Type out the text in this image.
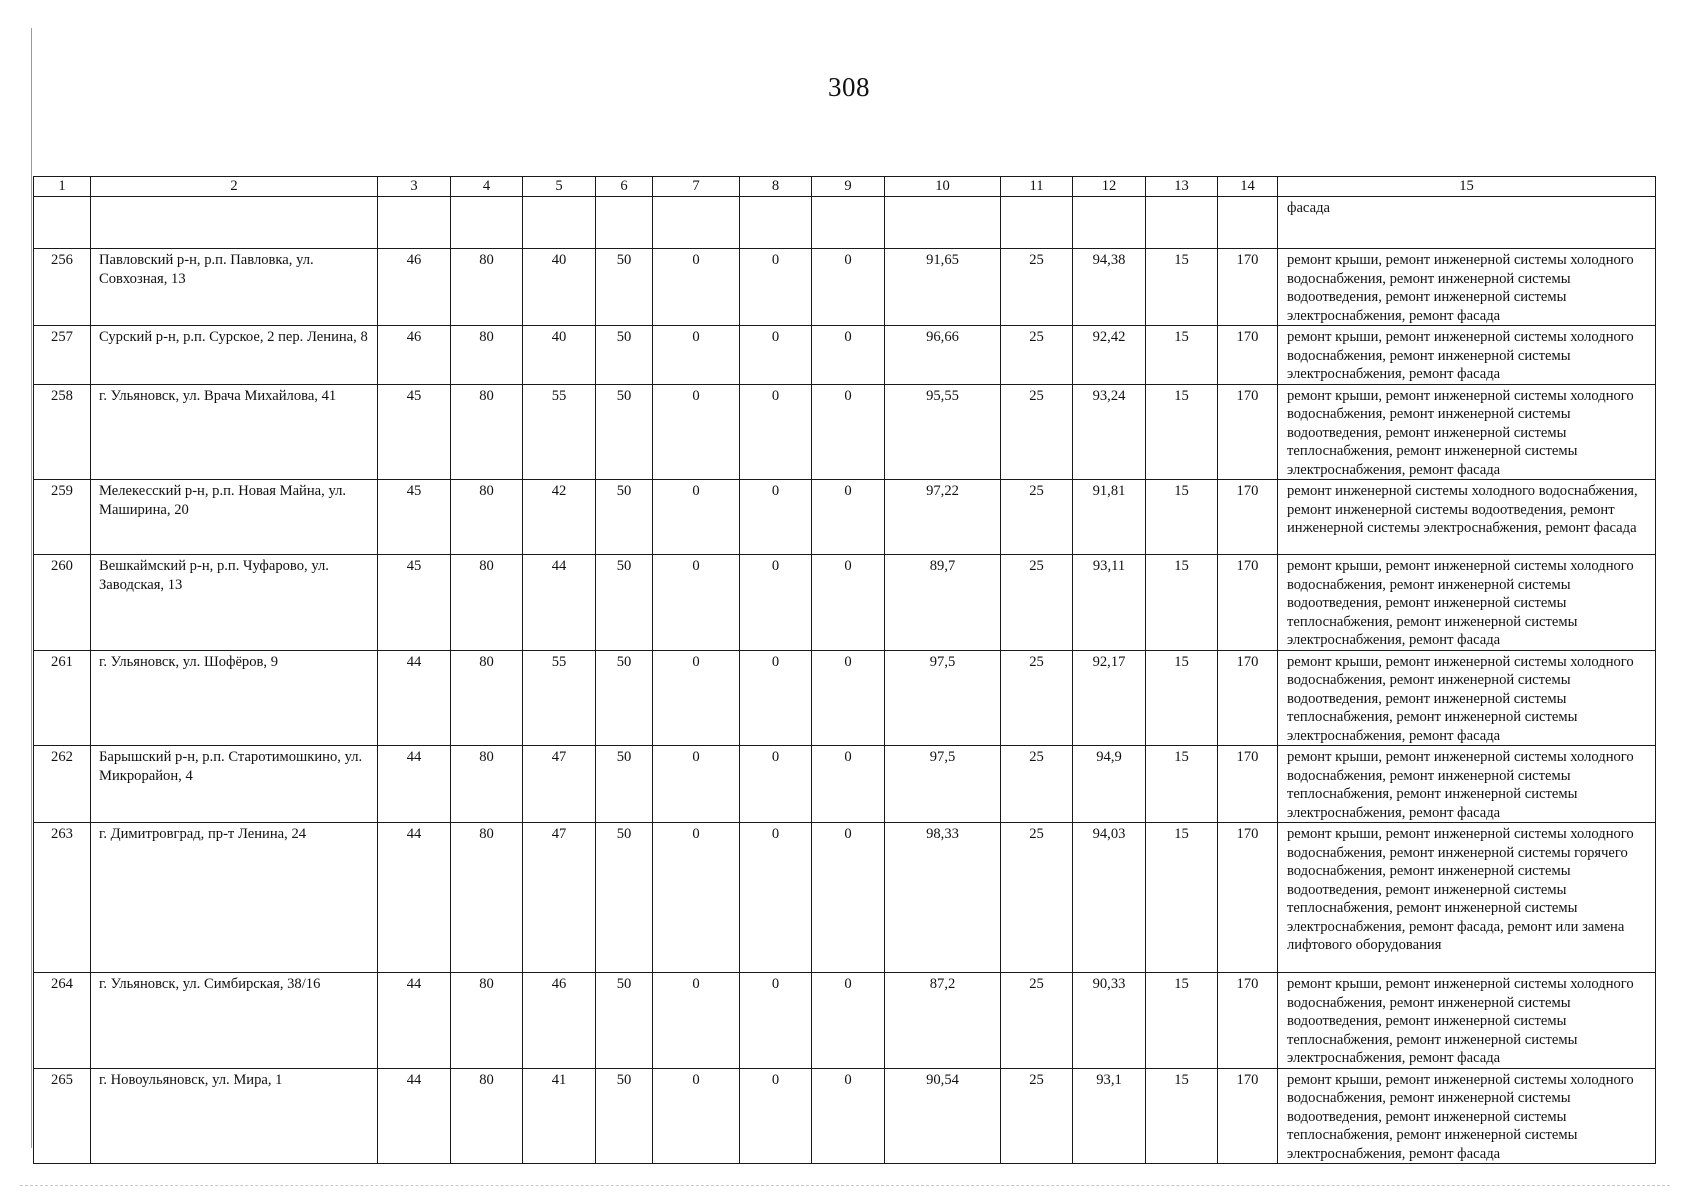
308
1	2	3	4	5	6	7	8	9	10	11	12	13	14	15
														фасада
256	Павловский р-н, р.п. Павловка, ул. Совхозная, 13	46	80	40	50	0	0	0	91,65	25	94,38	15	170	ремонт крыши, ремонт инженерной системы холодного водоснабжения, ремонт инженерной системы водоотведения, ремонт инженерной системы электроснабжения, ремонт фасада
257	Сурский р-н, р.п. Сурское, 2 пер. Ленина, 8	46	80	40	50	0	0	0	96,66	25	92,42	15	170	ремонт крыши, ремонт инженерной системы холодного водоснабжения, ремонт инженерной системы электроснабжения, ремонт фасада
258	г. Ульяновск, ул. Врача Михайлова, 41	45	80	55	50	0	0	0	95,55	25	93,24	15	170	ремонт крыши, ремонт инженерной системы холодного водоснабжения, ремонт инженерной системы водоотведения, ремонт инженерной системы теплоснабжения, ремонт инженерной системы электроснабжения, ремонт фасада
259	Мелекесский р-н, р.п. Новая Майна, ул. Маширина, 20	45	80	42	50	0	0	0	97,22	25	91,81	15	170	ремонт инженерной системы холодного водоснабжения, ремонт инженерной системы водоотведения, ремонт инженерной системы электроснабжения, ремонт фасада
260	Вешкаймский р-н, р.п. Чуфарово, ул. Заводская, 13	45	80	44	50	0	0	0	89,7	25	93,11	15	170	ремонт крыши, ремонт инженерной системы холодного водоснабжения, ремонт инженерной системы водоотведения, ремонт инженерной системы теплоснабжения, ремонт инженерной системы электроснабжения, ремонт фасада
261	г. Ульяновск, ул. Шофёров, 9	44	80	55	50	0	0	0	97,5	25	92,17	15	170	ремонт крыши, ремонт инженерной системы холодного водоснабжения, ремонт инженерной системы водоотведения, ремонт инженерной системы теплоснабжения, ремонт инженерной системы электроснабжения, ремонт фасада
262	Барышский р-н, р.п. Старотимошкино, ул. Микрорайон, 4	44	80	47	50	0	0	0	97,5	25	94,9	15	170	ремонт крыши, ремонт инженерной системы холодного водоснабжения, ремонт инженерной системы теплоснабжения, ремонт инженерной системы электроснабжения, ремонт фасада
263	г. Димитровград, пр-т Ленина, 24	44	80	47	50	0	0	0	98,33	25	94,03	15	170	ремонт крыши, ремонт инженерной системы холодного водоснабжения, ремонт инженерной системы горячего водоснабжения, ремонт инженерной системы водоотведения, ремонт инженерной системы теплоснабжения, ремонт инженерной системы электроснабжения, ремонт фасада, ремонт или замена лифтового оборудования
264	г. Ульяновск, ул. Симбирская, 38/16	44	80	46	50	0	0	0	87,2	25	90,33	15	170	ремонт крыши, ремонт инженерной системы холодного водоснабжения, ремонт инженерной системы водоотведения, ремонт инженерной системы теплоснабжения, ремонт инженерной системы электроснабжения, ремонт фасада
265	г. Новоульяновск, ул. Мира, 1	44	80	41	50	0	0	0	90,54	25	93,1	15	170	ремонт крыши, ремонт инженерной системы холодного водоснабжения, ремонт инженерной системы водоотведения, ремонт инженерной системы теплоснабжения, ремонт инженерной системы электроснабжения, ремонт фасада
